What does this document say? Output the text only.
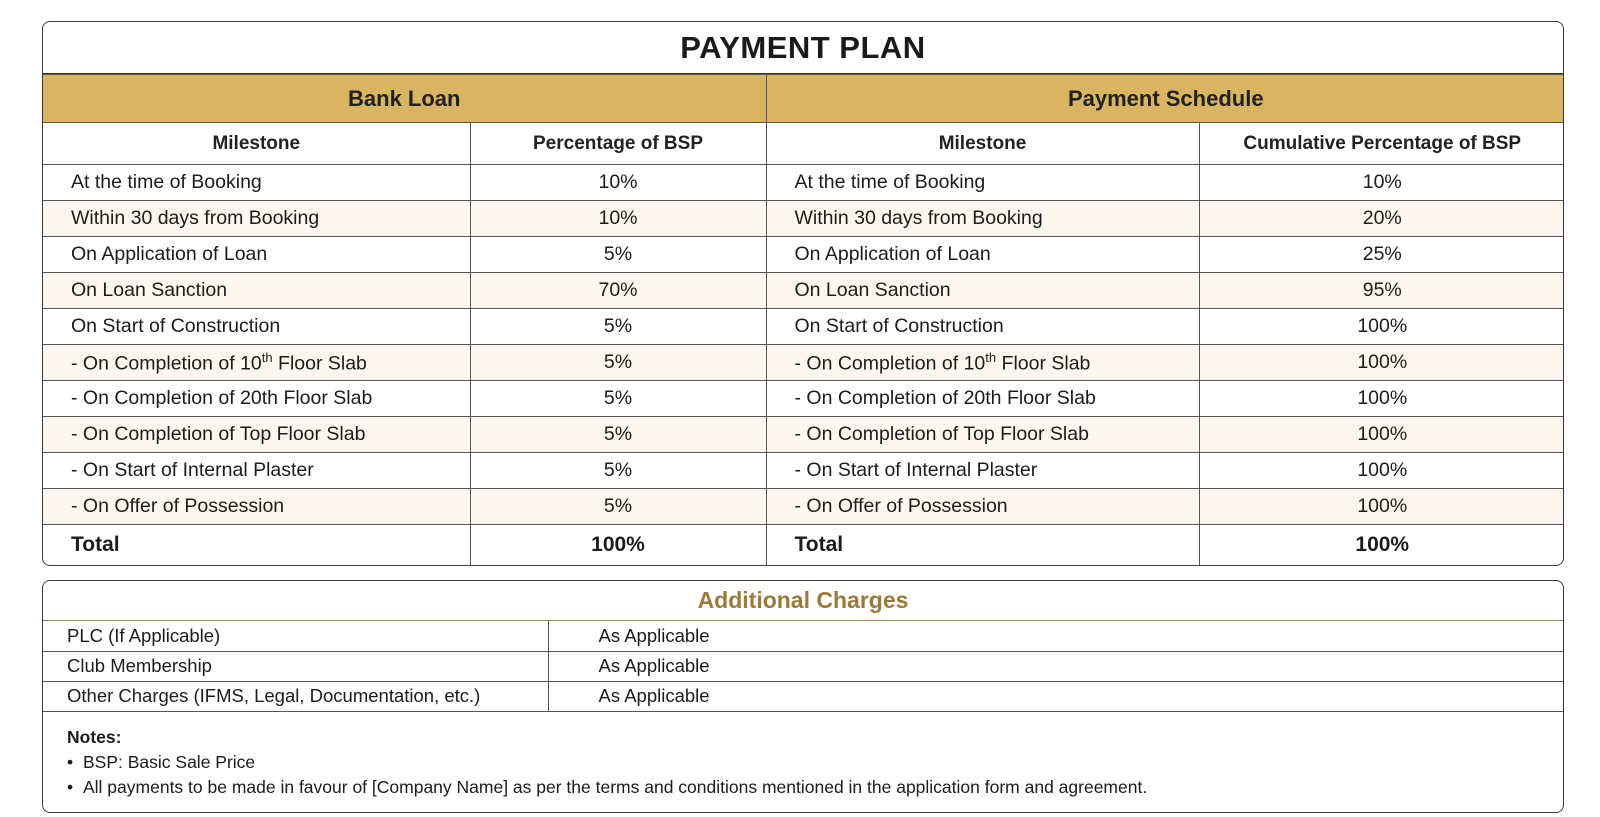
PAYMENT PLAN
Bank Loan		Payment Schedule	
Milestone	Percentage of BSP	Milestone	Cumulative Percentage of BSP
At the time of Booking	10%	At the time of Booking	10%
Within 30 days from Booking	10%	Within 30 days from Booking	20%
On Application of Loan	5%	On Application of Loan	25%
On Loan Sanction	70%	On Loan Sanction	95%
On Start of Construction	5%	On Start of Construction	100%
- On Completion of 10th Floor Slab	5%	- On Completion of 10th Floor Slab	100%
- On Completion of 20th Floor Slab	5%	- On Completion of 20th Floor Slab	100%
- On Completion of Top Floor Slab	5%	- On Completion of Top Floor Slab	100%
- On Start of Internal Plaster	5%	- On Start of Internal Plaster	100%
- On Offer of Possession	5%	- On Offer of Possession	100%
Total	100%	Total	100%
Additional Charges
PLC (If Applicable)	As Applicable
Club Membership	As Applicable
Other Charges (IFMS, Legal, Documentation, etc.)	As Applicable
Notes:
• BSP: Basic Sale Price
• All payments to be made in favour of [Company Name] as per the terms and conditions mentioned in the application form and agreement.
